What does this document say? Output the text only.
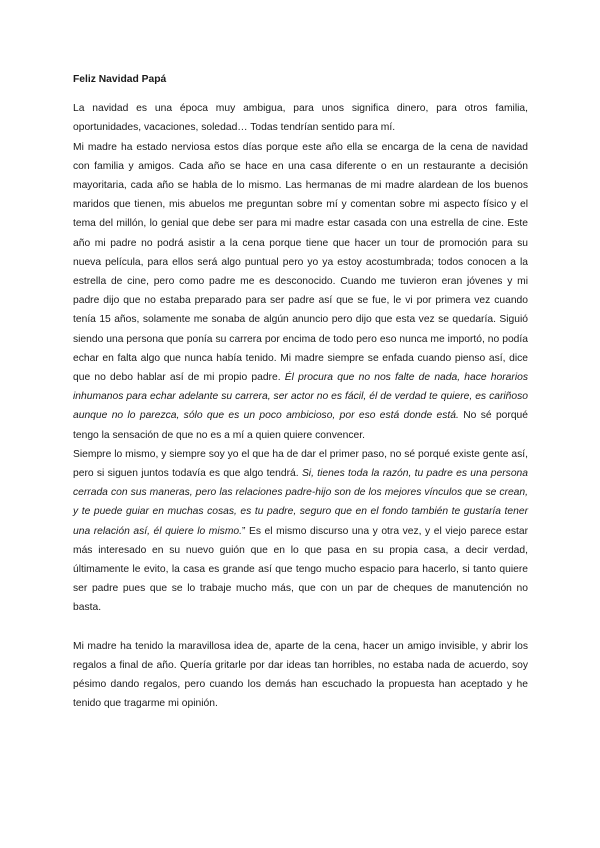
Feliz Navidad Papá

La navidad es una época muy ambigua, para unos significa dinero, para otros familia, oportunidades, vacaciones, soledad… Todas tendrían sentido para mí.

Mi madre ha estado nerviosa estos días porque este año ella se encarga de la cena de navidad con familia y amigos. Cada año se hace en una casa diferente o en un restaurante a decisión mayoritaria, cada año se habla de lo mismo. Las hermanas de mi madre alardean de los buenos maridos que tienen, mis abuelos me preguntan sobre mí y comentan sobre mi aspecto físico y el tema del millón, lo genial que debe ser para mi madre estar casada con una estrella de cine. Este año mi padre no podrá asistir a la cena porque tiene que hacer un tour de promoción para su nueva película, para ellos será algo puntual pero yo ya estoy acostumbrada; todos conocen a la estrella de cine, pero como padre me es desconocido. Cuando me tuvieron eran jóvenes y mi padre dijo que no estaba preparado para ser padre así que se fue, le vi por primera vez cuando tenía 15 años, solamente me sonaba de algún anuncio pero dijo que esta vez se quedaría. Siguió siendo una persona que ponía su carrera por encima de todo pero eso nunca me importó, no podía echar en falta algo que nunca había tenido. Mi madre siempre se enfada cuando pienso así, dice que no debo hablar así de mi propio padre. Él procura que no nos falte de nada, hace horarios inhumanos para echar adelante su carrera, ser actor no es fácil, él de verdad te quiere, es cariñoso aunque no lo parezca, sólo que es un poco ambicioso, por eso está donde está. No sé porqué tengo la sensación de que no es a mí a quien quiere convencer.

Siempre lo mismo, y siempre soy yo el que ha de dar el primer paso, no sé porqué existe gente así, pero si siguen juntos todavía es que algo tendrá. Si, tienes toda la razón, tu padre es una persona cerrada con sus maneras, pero las relaciones padre-hijo son de los mejores vínculos que se crean, y te puede guiar en muchas cosas, es tu padre, seguro que en el fondo también te gustaría tener una relación así, él quiere lo mismo.” Es el mismo discurso una y otra vez, y el viejo parece estar más interesado en su nuevo guión que en lo que pasa en su propia casa, a decir verdad, últimamente le evito, la casa es grande así que tengo mucho espacio para hacerlo, si tanto quiere ser padre pues que se lo trabaje mucho más, que con un par de cheques de manutención no basta.

Mi madre ha tenido la maravillosa idea de, aparte de la cena, hacer un amigo invisible, y abrir los regalos a final de año. Quería gritarle por dar ideas tan horribles, no estaba nada de acuerdo, soy pésimo dando regalos, pero cuando los demás han escuchado la propuesta han aceptado y he tenido que tragarme mi opinión.
